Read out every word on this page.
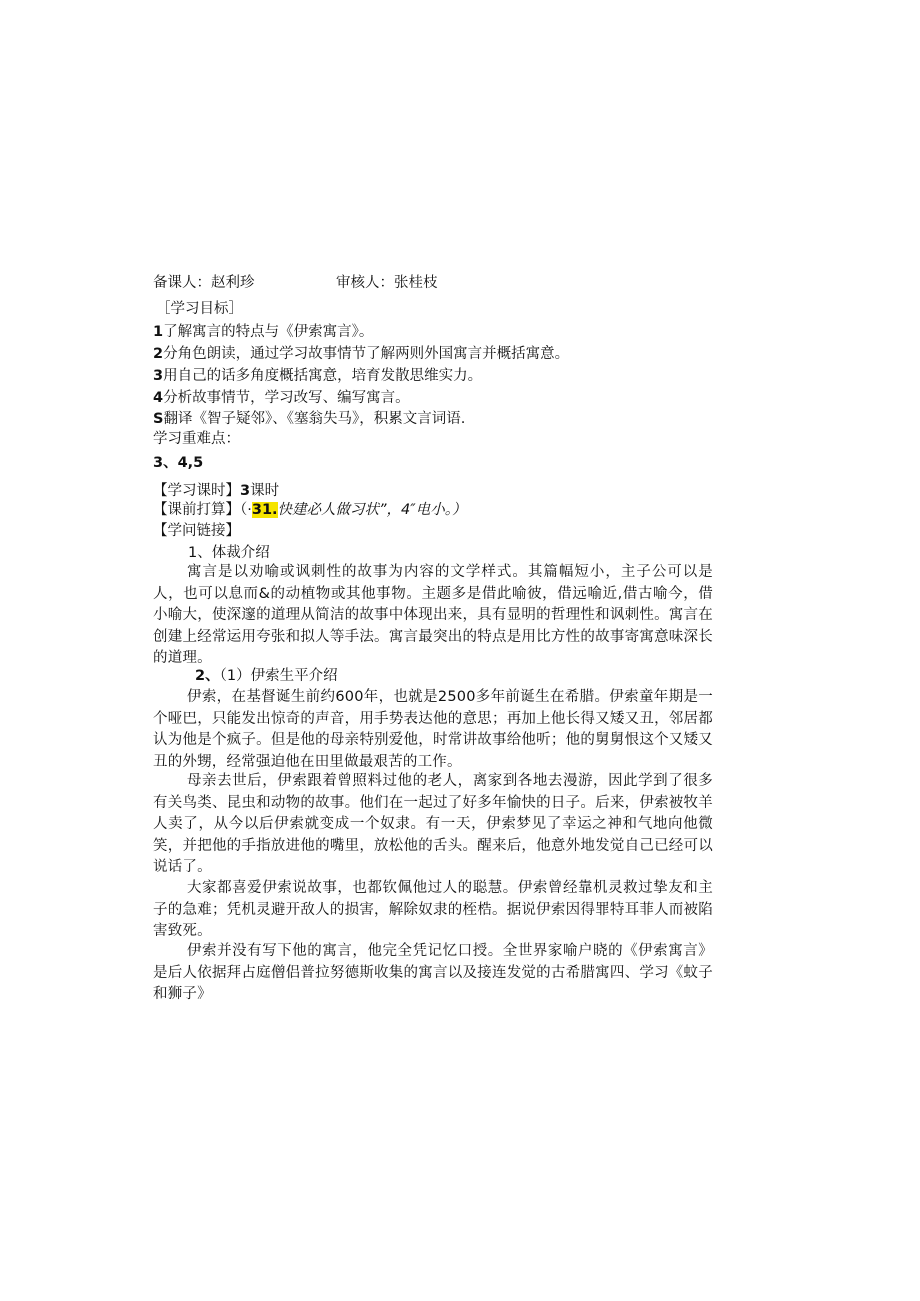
备课人：赵利珍	审核人：张桂枝
［学习目标］
1了解寓言的特点与《伊索寓言》。
2分角色朗读，通过学习故事情节了解两则外国寓言并概括寓意。
3用自己的话多角度概括寓意，培育发散思维实力。
4分析故事情节，学习改写、编写寓言。
S翻译《智子疑邻》、《塞翁失马》，积累文言词语.
学习重难点：
3、4,5
【学习课时】3课时
【课前打算】（·31.快建必人做习状”，4″电小。）
【学问链接】
1、体裁介绍
寓言是以劝喻或讽刺性的故事为内容的文学样式。其篇幅短小，主子公可以是人，也可以息而&的动植物或其他事物。主题多是借此喻彼，借远喻近,借古喻今，借小喻大，使深邃的道理从简洁的故事中体现出来，具有显明的哲理性和讽刺性。寓言在创建上经常运用夸张和拟人等手法。寓言最突出的特点是用比方性的故事寄寓意味深长的道理。
2、（1）伊索生平介绍
伊索，在基督诞生前约600年，也就是2500多年前诞生在希腊。伊索童年期是一个哑巴，只能发出惊奇的声音，用手势表达他的意思；再加上他长得又矮又丑，邻居都认为他是个疯子。但是他的母亲特别爱他，时常讲故事给他听；他的舅舅恨这个又矮又丑的外甥，经常强迫他在田里做最艰苦的工作。
母亲去世后，伊索跟着曾照料过他的老人，离家到各地去漫游，因此学到了很多有关鸟类、昆虫和动物的故事。他们在一起过了好多年愉快的日子。后来，伊索被牧羊人卖了，从今以后伊索就变成一个奴隶。有一天，伊索梦见了幸运之神和气地向他微笑，并把他的手指放进他的嘴里，放松他的舌头。醒来后，他意外地发觉自己已经可以说话了。
大家都喜爱伊索说故事，也都钦佩他过人的聪慧。伊索曾经靠机灵救过挚友和主子的急难；凭机灵避开敌人的损害，解除奴隶的桎梏。据说伊索因得罪特耳菲人而被陷害致死。
伊索并没有写下他的寓言，他完全凭记忆口授。全世界家喻户晓的《伊索寓言》是后人依据拜占庭僧侣普拉努德斯收集的寓言以及接连发觉的古希腊寓四、学习《蚊子和狮子》
